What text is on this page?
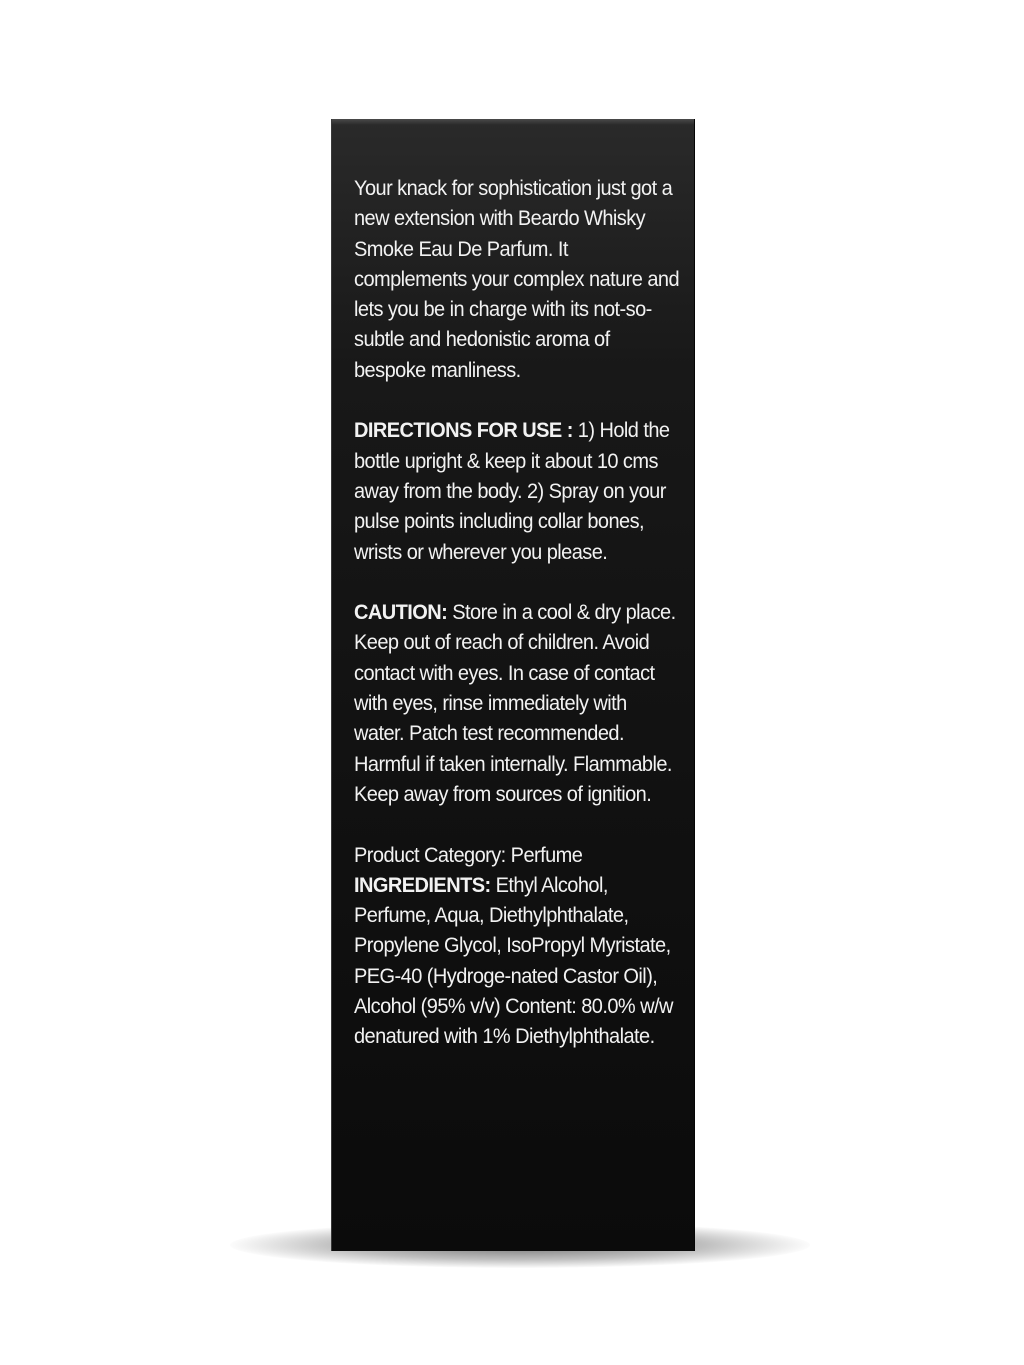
Your knack for sophistication just got a new extension with Beardo Whisky Smoke Eau De Parfum. It complements your complex nature and lets you be in charge with its not-so-subtle and hedonistic aroma of bespoke manliness.

DIRECTIONS FOR USE : 1) Hold the bottle upright & keep it about 10 cms away from the body. 2) Spray on your pulse points including collar bones, wrists or wherever you please.

CAUTION: Store in a cool & dry place. Keep out of reach of children. Avoid contact with eyes. In case of contact with eyes, rinse immediately with water. Patch test recommended. Harmful if taken internally. Flammable. Keep away from sources of ignition.

Product Category: Perfume

INGREDIENTS: Ethyl Alcohol, Perfume, Aqua, Diethylphthalate, Propylene Glycol, IsoPropyl Myristate, PEG-40 (Hydroge-nated Castor Oil), Alcohol (95% v/v) Content: 80.0% w/w denatured with 1% Diethylphthalate.
